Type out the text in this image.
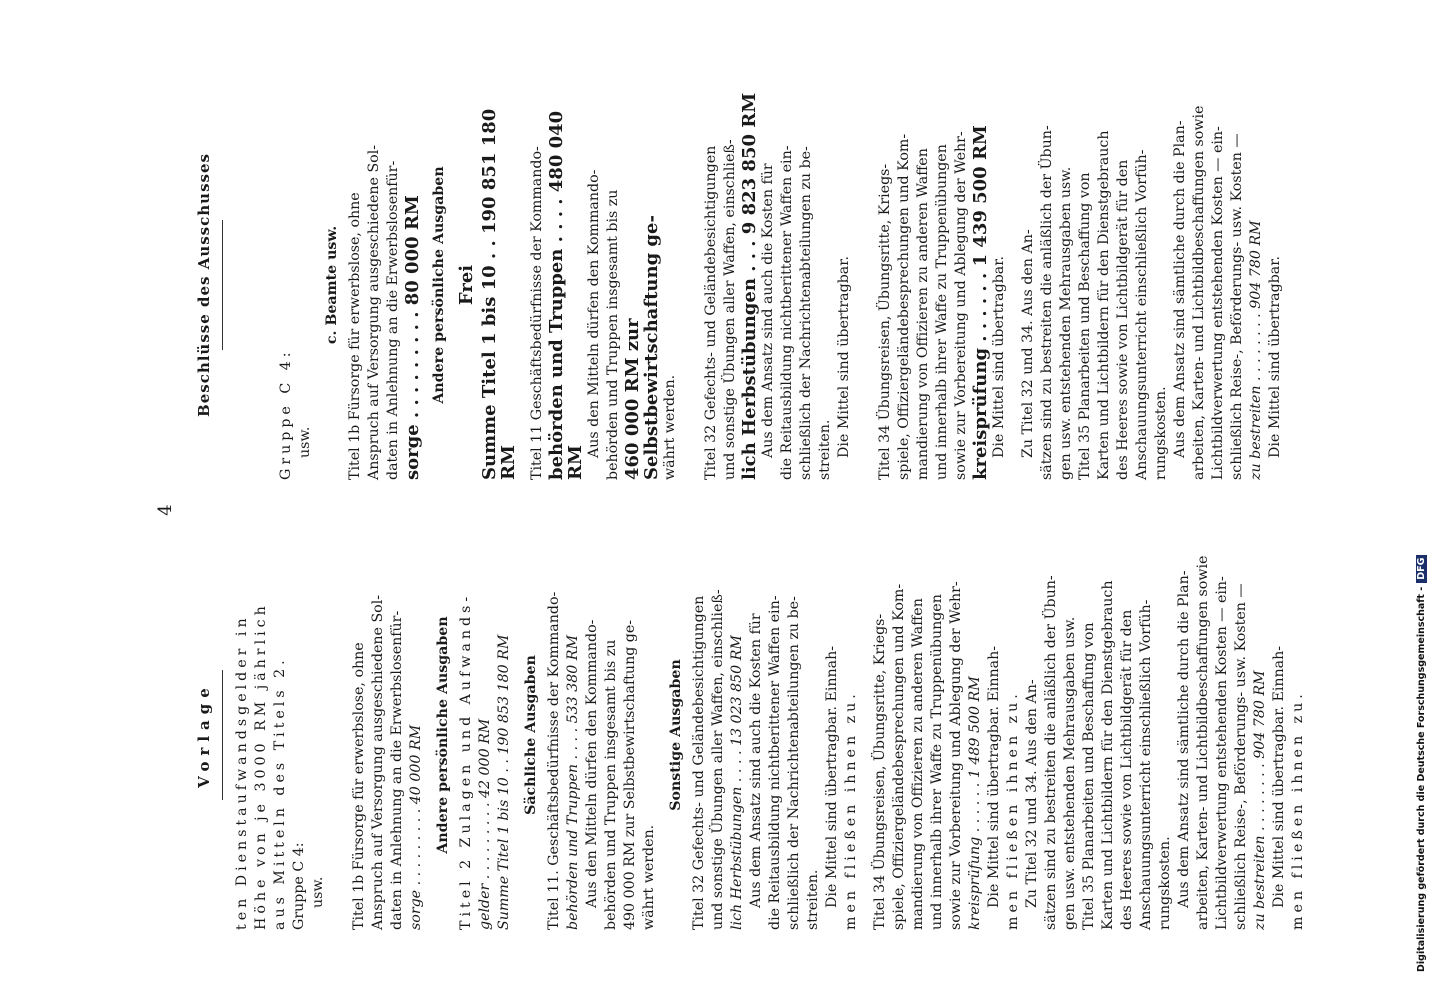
4
Vorlage ten Dienstaufwandsgelder in Höhe von je 3000 RM jährlich aus Mitteln des Titels 2. Gruppe C 4: usw. Titel 1b Fürsorge für erwerbslose, ohne Anspruch auf Versorgung ausgeschiedene Sol- daten in Anlehnung an die Erwerbslosenfür- sorge . . . . . . . . . 40 000 RM Andere persönliche Ausgaben Titel 2 Zulagen und Aufwands- gelder . . . . . . . . . 42 000 RM Summe Titel 1 bis 10 . . 190 853 180 RM Sächliche Ausgaben Titel 11. Geschäftsbedürfnisse der Kommando- behörden und Truppen . . . . 533 380 RM Aus den Mitteln dürfen den Kommando- behörden und Truppen insgesamt bis zu 490 000 RM zur Selbstbewirtschaftung ge- währt werden.
Sonstige Ausgaben Titel 32 Gefechts- und Geländebesichtigungen und sonstige Übungen aller Waffen, einschließ- lich Herbstübungen . . . . 13 023 850 RM Aus dem Ansatz sind auch die Kosten für die Reitausbildung nichtberittener Waffen ein- schließlich der Nachrichtenabteilungen zu be- streiten. Die Mittel sind übertragbar. Einnah- men fließen ihnen zu. Titel 34 Übungsreisen, Übungsritte, Kriegs- spiele, Offiziergeländebesprechungen und Kom- mandierung von Offizieren zu anderen Waffen und innerhalb ihrer Waffe zu Truppenübungen sowie zur Vorbereitung und Ablegung der Wehr- kreisprüfung . . . . . . 1 489 500 RM Die Mittel sind übertragbar. Einnah- men fließen ihnen zu. Zu Titel 32 und 34. Aus den An- sätzen sind zu bestreiten die anläßlich der Übun- gen usw. entstehenden Mehrausgaben usw. Titel 35 Planarbeiten und Beschaffung von Karten und Lichtbildern für den Dienstgebrauch des Heeres sowie von Lichtbildgerät für den Anschauungsunterricht einschließlich Vorfüh- rungskosten. Aus dem Ansatz sind sämtliche durch die Plan- arbeiten, Karten- und Lichtbildbeschaffungen sowie Lichtbildverwertung entstehenden Kosten — ein- schließlich Reise-, Beförderungs- usw. Kosten — zu bestreiten . . . . . . . . 904 780 RM Die Mittel sind übertragbar. Einnah- men fließen ihnen zu.
Beschlüsse des Ausschusses	Gruppe C 4: usw.
c. Beamte usw. Titel 1b Fürsorge für erwerbslose, ohne Anspruch auf Versorgung ausgeschiedene Sol- daten in Anlehnung an die Erwerbslosenfür- sorge . . . . . . . . . 80 000 RM Andere persönliche Ausgaben Frei Summe Titel 1 bis 10 . . 190 851 180 RM Titel 11 Geschäftsbedürfnisse der Kommando- behörden und Truppen . . . . 480 040 RM
Aus den Mitteln dürfen den Kommando- behörden und Truppen insgesamt bis zu 460 000 RM zur Selbstbewirtschaftung ge- währt werden. Titel 32 Gefechts- und Geländebesichtigungen und sonstige Übungen aller Waffen, einschließ- lich Herbstübungen . . . 9 823 850 RM Aus dem Ansatz sind auch die Kosten für die Reitausbildung nichtberittener Waffen ein- schließlich der Nachrichtenabteilungen zu be- streiten. Die Mittel sind übertragbar. Titel 34 Übungsreisen, Übungsritte, Kriegs- spiele, Offiziergeländebesprechungen und Kom- mandierung von Offizieren zu anderen Waffen und innerhalb ihrer Waffe zu Truppenübungen sowie zur Vorbereitung und Ablegung der Wehr- kreisprüfung . . . . . . 1 439 500 RM Die Mittel sind übertragbar. Zu Titel 32 und 34. Aus den An- sätzen sind zu bestreiten die anläßlich der Übun- gen usw. entstehenden Mehrausgaben usw. Titel 35 Planarbeiten und Beschaffung von Karten und Lichtbildern für den Dienstgebrauch des Heeres sowie von Lichtbildgerät für den Anschauungsunterricht einschließlich Vorfüh- rungskosten. Aus dem Ansatz sind sämtliche durch die Plan- arbeiten, Karten- und Lichtbildbeschaffungen sowie Lichtbildverwertung entstehenden Kosten — ein- schließlich Reise-, Beförderungs- usw. Kosten — zu bestreiten . . . . . . . . 904 780 RM Die Mittel sind übertragbar.
Digitalisierung gefördert durch die Deutsche Forschungsgemeinschaft -DFG
